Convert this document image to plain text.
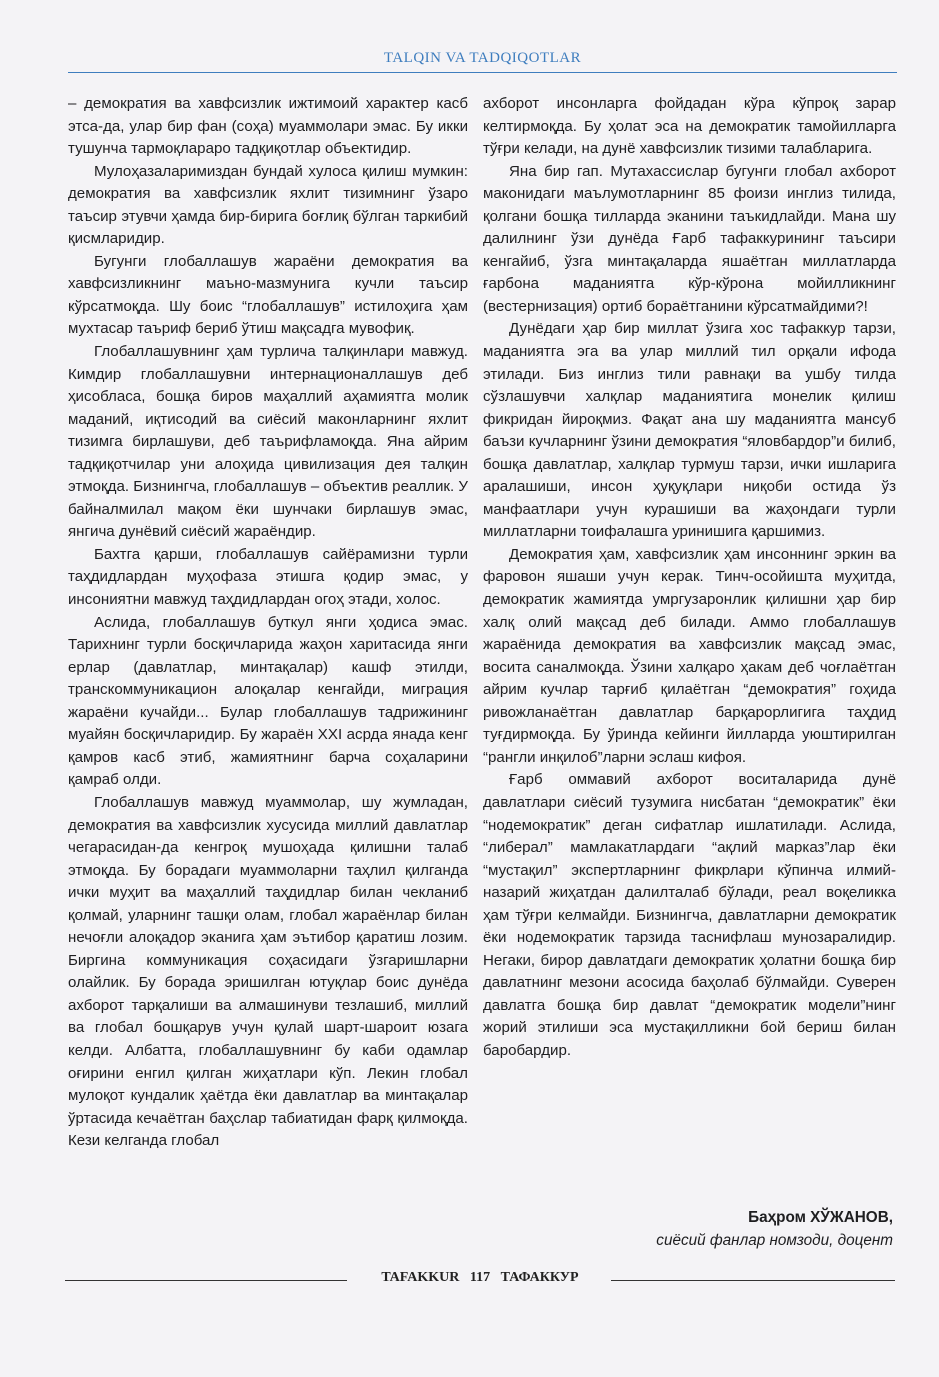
TALQIN VA TADQIQOTLAR

– демократия ва хавфсизлик ижтимоий характер касб этса-да, улар бир фан (соҳа) муаммолари эмас. Бу икки тушунча тармоқлараро тадқиқотлар объектидир.

Мулоҳазаларимиздан бундай хулоса қилиш мумкин: демократия ва хавфсизлик яхлит тизимнинг ўзаро таъсир этувчи ҳамда бир-бирига боғлиқ бўлган таркибий қисмларидир.

Бугунги глобаллашув жараёни демократия ва хавфсизликнинг маъно-мазмунига кучли таъсир кўрсатмоқда. Шу боис “глобаллашув” истилоҳига ҳам мухтасар таъриф бериб ўтиш мақсадга мувофиқ.

Глобаллашувнинг ҳам турлича талқинлари мавжуд. Кимдир глобаллашувни интернационаллашув деб ҳисобласа, бошқа биров маҳаллий аҳамиятга молик маданий, иқтисодий ва сиёсий маконларнинг яхлит тизимга бирлашуви, деб таърифламоқда. Яна айрим тадқиқотчилар уни алоҳида цивилизация дея талқин этмоқда. Бизнингча, глобаллашув – объектив реаллик. У байналмилал мақом ёки шунчаки бирлашув эмас, янгича дунёвий сиёсий жараёндир.

Бахтга қарши, глобаллашув сайёрамизни турли таҳдидлардан муҳофаза этишга қодир эмас, у инсониятни мавжуд таҳдидлардан огоҳ этади, холос.

Аслида, глобаллашув буткул янги ҳодиса эмас. Тарихнинг турли босқичларида жаҳон харитасида янги ерлар (давлатлар, минтақалар) кашф этилди, транскоммуникацион алоқалар кенгайди, миграция жараёни кучайди... Булар глобаллашув тадрижининг муайян босқичларидир. Бу жараён XXI асрда янада кенг қамров касб этиб, жамиятнинг барча соҳаларини қамраб олди.

Глобаллашув мавжуд муаммолар, шу жумладан, демократия ва хавфсизлик хусусида миллий давлатлар чегарасидан-да кенгроқ мушоҳада қилишни талаб этмоқда. Бу борадаги муаммоларни таҳлил қилганда ички муҳит ва маҳаллий таҳдидлар билан чекланиб қолмай, уларнинг ташқи олам, глобал жараёнлар билан нечоғли алоқадор эканига ҳам эътибор қаратиш лозим. Биргина коммуникация соҳасидаги ўзгаришларни олайлик. Бу борада эришилган ютуқлар боис дунёда ахборот тарқалиши ва алмашинуви тезлашиб, миллий ва глобал бошқарув учун қулай шарт-шароит юзага келди. Албатта, глобаллашувнинг бу каби одамлар оғирини енгил қилган жиҳатлари кўп. Лекин глобал мулоқот кундалик ҳаётда ёки давлатлар ва минтақалар ўртасида кечаётган баҳслар табиатидан фарқ қилмоқда. Кези келганда глобал

ахборот инсонларга фойдадан кўра кўпроқ зарар келтирмоқда. Бу ҳолат эса на демократик тамойилларга тўғри келади, на дунё хавфсизлик тизими талабларига.

Яна бир гап. Мутахассислар бугунги глобал ахборот маконидаги маълумотларнинг 85 фоизи инглиз тилида, қолгани бошқа тилларда эканини таъкидлайди. Мана шу далилнинг ўзи дунёда Ғарб тафаккурининг таъсири кенгайиб, ўзга минтақаларда яшаётган миллатларда ғарбона маданиятга кўр-кўрона мойилликнинг (вестернизация) ортиб бораётганини кўрсатмайдими?!

Дунёдаги ҳар бир миллат ўзига хос тафаккур тарзи, маданиятга эга ва улар миллий тил орқали ифода этилади. Биз инглиз тили равнақи ва ушбу тилда сўзлашувчи халқлар маданиятига монелик қилиш фикридан йироқмиз. Фақат ана шу маданиятга мансуб баъзи кучларнинг ўзини демократия “яловбардор”и билиб, бошқа давлатлар, халқлар турмуш тарзи, ички ишларига аралашиши, инсон ҳуқуқлари ниқоби остида ўз манфаатлари учун курашиши ва жаҳондаги турли миллатларни тоифалашга уринишига қаршимиз.

Демократия ҳам, хавфсизлик ҳам инсоннинг эркин ва фаровон яшаши учун керак. Тинч-осойишта муҳитда, демократик жамиятда умргузаронлик қилишни ҳар бир халқ олий мақсад деб билади. Аммо глобаллашув жараёнида демократия ва хавфсизлик мақсад эмас, восита саналмоқда. Ўзини халқаро ҳакам деб чоғлаётган айрим кучлар тарғиб қилаётган “демократия” гоҳида ривожланаётган давлатлар барқарорлигига таҳдид туғдирмоқда. Бу ўринда кейинги йилларда уюштирилган “рангли инқилоб”ларни эслаш кифоя.

Ғарб оммавий ахборот воситаларида дунё давлатлари сиёсий тузумига нисбатан “демократик” ёки “нодемократик” деган сифатлар ишлатилади. Аслида, “либерал” мамлакатлардаги “ақлий марказ”лар ёки “мустақил” экспертларнинг фикрлари кўпинча илмий-назарий жиҳатдан далилталаб бўлади, реал воқеликка ҳам тўғри келмайди. Бизнингча, давлатларни демократик ёки нодемократик тарзида таснифлаш мунозаралидир. Негаки, бирор давлатдаги демократик ҳолатни бошқа бир давлатнинг мезони асосида баҳолаб бўлмайди. Суверен давлатга бошқа бир давлат “демократик модели”нинг жорий этилиши эса мустақилликни бой бериш билан баробардир.

Баҳром ХЎЖАНОВ,
сиёсий фанлар номзоди, доцент
TAFAKKUR 117 ТАФАККУР
